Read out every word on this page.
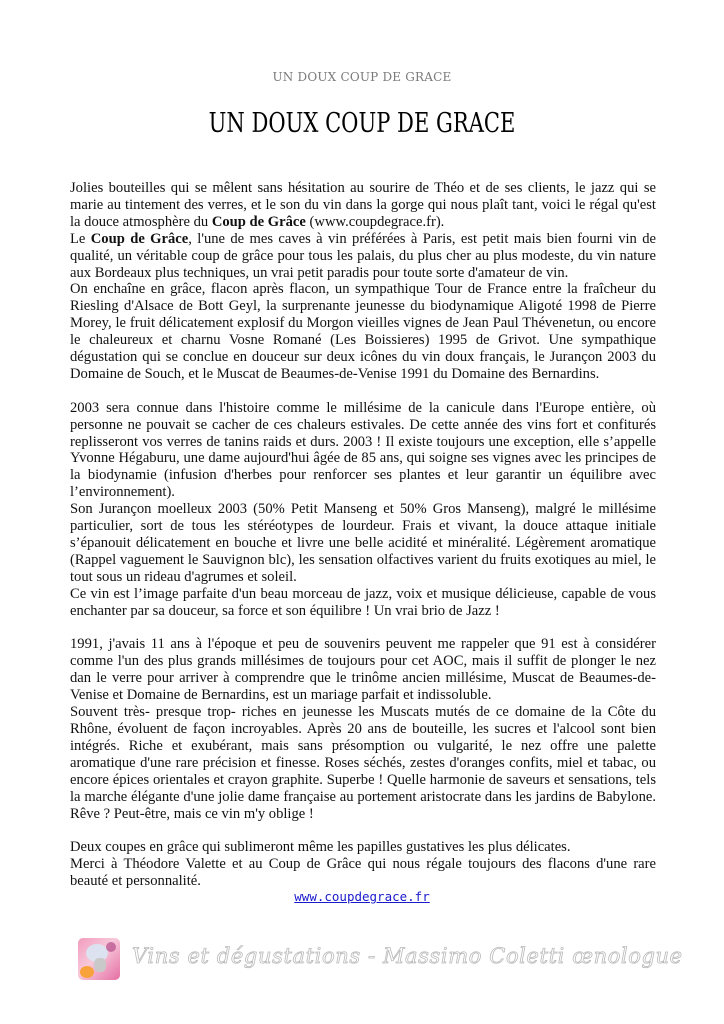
UN DOUX COUP DE GRACE
UN DOUX COUP DE GRACE

Jolies bouteilles qui se mêlent sans hésitation au sourire de Théo et de ses clients, le jazz qui se marie au tintement des verres, et le son du vin dans la gorge qui nous plaît tant, voici le régal qu'est la douce atmosphère du Coup de Grâce (www.coupdegrace.fr).

Le Coup de Grâce, l'une de mes caves à vin préférées à Paris, est petit mais bien fourni vin de qualité, un véritable coup de grâce pour tous les palais, du plus cher au plus modeste, du vin nature aux Bordeaux plus techniques, un vrai petit paradis pour toute sorte d'amateur de vin.

On enchaîne en grâce, flacon après flacon, un sympathique Tour de France entre la fraîcheur du Riesling d'Alsace de Bott Geyl, la surprenante jeunesse du biodynamique Aligoté 1998 de Pierre Morey, le fruit délicatement explosif du Morgon vieilles vignes de Jean Paul Thévenetun, ou encore le chaleureux et charnu Vosne Romané (Les Boissieres) 1995 de Grivot. Une sympathique dégustation qui se conclue en douceur sur deux icônes du vin doux français, le Jurançon 2003 du Domaine de Souch, et le Muscat de Beaumes-de-Venise 1991 du Domaine des Bernardins.

2003 sera connue dans l'histoire comme le millésime de la canicule dans l'Europe entière, où personne ne pouvait se cacher de ces chaleurs estivales. De cette année des vins fort et confiturés replisseront vos verres de tanins raids et durs. 2003 ! Il existe toujours une exception, elle s’appelle Yvonne Hégaburu, une dame aujourd'hui âgée de 85 ans, qui soigne ses vignes avec les principes de la biodynamie (infusion d'herbes pour renforcer ses plantes et leur garantir un équilibre avec l’environnement).

Son Jurançon moelleux 2003 (50% Petit Manseng et 50% Gros Manseng), malgré le millésime particulier, sort de tous les stéréotypes de lourdeur. Frais et vivant, la douce attaque initiale s’épanouit délicatement en bouche et livre une belle acidité et minéralité. Légèrement aromatique (Rappel vaguement le Sauvignon blc), les sensation olfactives varient du fruits exotiques au miel, le tout sous un rideau d'agrumes et soleil.

Ce vin est l’image parfaite d'un beau morceau de jazz, voix et musique délicieuse, capable de vous enchanter par sa douceur, sa force et son équilibre ! Un vrai brio de Jazz !

1991, j'avais 11 ans à l'époque et peu de souvenirs peuvent me rappeler que 91 est à considérer comme l'un des plus grands millésimes de toujours pour cet AOC, mais il suffit de plonger le nez dan le verre pour arriver à comprendre que le trinôme ancien millésime, Muscat de Beaumes-de-Venise et Domaine de Bernardins, est un mariage parfait et indissoluble.

Souvent très- presque trop- riches en jeunesse les Muscats mutés de ce domaine de la Côte du Rhône, évoluent de façon incroyables. Après 20 ans de bouteille, les sucres et l'alcool sont bien intégrés. Riche et exubérant, mais sans présomption ou vulgarité, le nez offre une palette aromatique d'une rare précision et finesse. Roses séchés, zestes d'oranges confits, miel et tabac, ou encore épices orientales et crayon graphite. Superbe ! Quelle harmonie de saveurs et sensations, tels la marche élégante d'une jolie dame française au portement aristocrate dans les jardins de Babylone. Rêve ? Peut-être, mais ce vin m'y oblige !

Deux coupes en grâce qui sublimeront même les papilles gustatives les plus délicates.

Merci à Théodore Valette et au Coup de Grâce qui nous régale toujours des flacons d'une rare beauté et personnalité.

www.coupdegrace.fr
Vins et dégustations - Massimo Coletti œnologue
